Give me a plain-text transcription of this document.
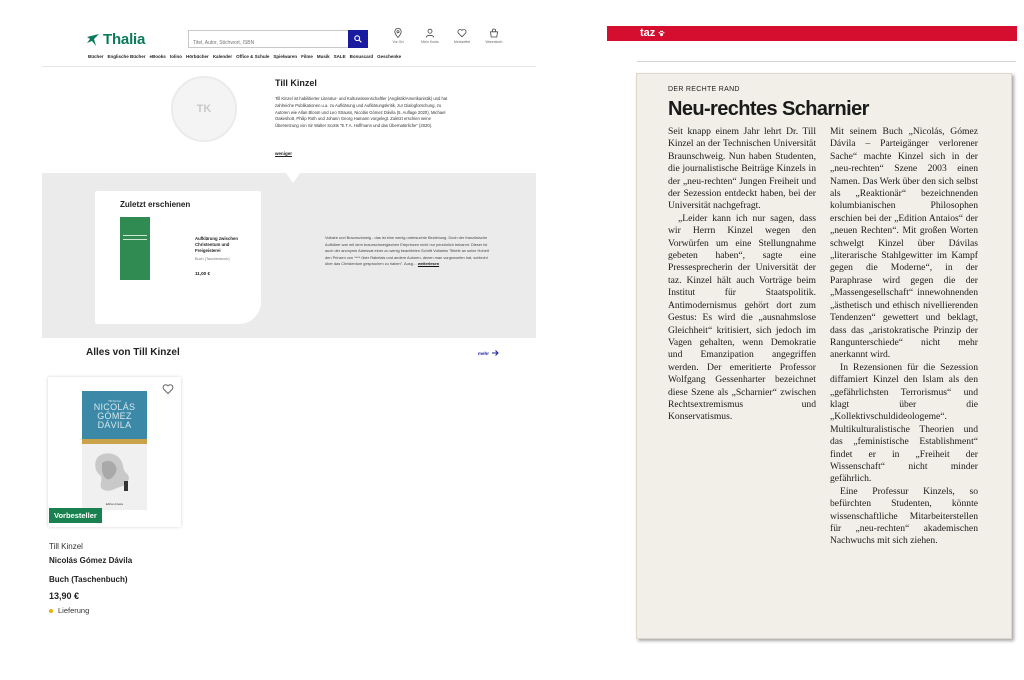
Thalia
Titel, Autor, Stichwort, ISBN	Vor Ort	Mein Konto	Merkzettel	Warenkorb
Bücher Englische Bücher eBooks tolino Hörbücher Kalender Office & Schule Spielwaren Filme Musik SALE Bonuscard Geschenke
TK
Till Kinzel
Till Kinzel ist habilitierter Literatur- und Kulturwissenschaftler (Anglistik/Amerikanistik) und hat zahlreiche Publikationen u.a. zu Aufklärung und Aufklärungskritik, zur Dialogforschung, zu Autoren wie Allan Bloom und Leo Strauss, Nicolás Gómez Dávila (5. Auflage 2020), Michael Oakeshott, Philip Roth und Johann Georg Hamann vorgelegt. Zuletzt erschien seine Übersetzung von Sir Walter Scotts "E.T.A. Hoffmann und das Übernatürliche" (2020).
weniger
Zuletzt erschienen
Aufklärung zwischen Christentum und Freigeisterei
Buch (Taschenbuch)
11,00 €
Voltaire und Braunschweig - das ist eine wenig untersuchte Beziehung. Doch der französische Aufklärer war mit dem braunschweigischen Erbprinzen nicht nur persönlich bekannt. Dieser ist auch der anonyme Adressat einer zu wenig beachteten Schrift Voltaires "Briefe an seine Hoheit den Prinzen von **** über Rabelais und andere Autoren, denen man vorgeworfen hat, schlecht über das Christentum gesprochen zu haben". Ausg… weiterlesen
Alles von Till Kinzel	mehr
Till Kinzel
NICOLÁS GÓMEZ DÁVILA
Edition Antaios
Vorbesteller
Till Kinzel
Nicolás Gómez Dávila
Buch (Taschenbuch)
13,90 €
Lieferung
taz
DER RECHTE RAND
Neu-rechtes Scharnier

Seit knapp einem Jahr lehrt Dr. Till Kinzel an der Technischen Universität Braunschweig. Nun haben Studenten, die journalistische Beiträge Kinzels in der „neu-rechten“ Jungen Freiheit und der Sezession entdeckt haben, bei der Universität nachgefragt.

„Leider kann ich nur sagen, dass wir Herrn Kinzel wegen den Vorwürfen um eine Stellungnahme gebeten haben“, sagte eine Pressesprecherin der Universität der taz. Kinzel hält auch Vorträge beim Institut für Staatspolitik. Antimodernismus gehört dort zum Gestus: Es wird die „ausnahmslose Gleichheit“ kritisiert, sich jedoch im Vagen gehalten, wenn Demokratie und Emanzipation angegriffen werden. Der emeritierte Professor Wolfgang Gessenharter bezeichnet diese Szene als „Scharnier“ zwischen Rechtsextremismus und Konservatismus.

Mit seinem Buch „Nicolás, Gómez Dávila – Parteigänger verlorener Sache“ machte Kinzel sich in der „neu-rechten“ Szene 2003 einen Namen. Das Werk über den sich selbst als „Reaktionär“ bezeichnenden kolumbianischen Philosophen erschien bei der „Edition Antaios“ der „neuen Rechten“. Mit großen Worten schwelgt Kinzel über Dávilas „literarische Stahlgewitter im Kampf gegen die Moderne“, in der Paraphrase wird gegen die der „Massengesellschaft“ innewohnenden „ästhetisch und ethisch nivellierenden Tendenzen“ gewettert und beklagt, dass das „aristokratische Prinzip der Rangunterschiede“ nicht mehr anerkannt wird.

In Rezensionen für die Sezession diffamiert Kinzel den Islam als den „gefährlichsten Terrorismus“ und klagt über die „Kollektivschuldideologeme“. Multikulturalistische Theorien und das „feministische Establishment“ findet er in „Freiheit der Wissenschaft“ nicht minder gefährlich.

Eine Professur Kinzels, so befürchten Studenten, könnte wissenschaftliche Mitarbeiterstellen für „neu-rechten“ akademischen Nachwuchs mit sich ziehen.
